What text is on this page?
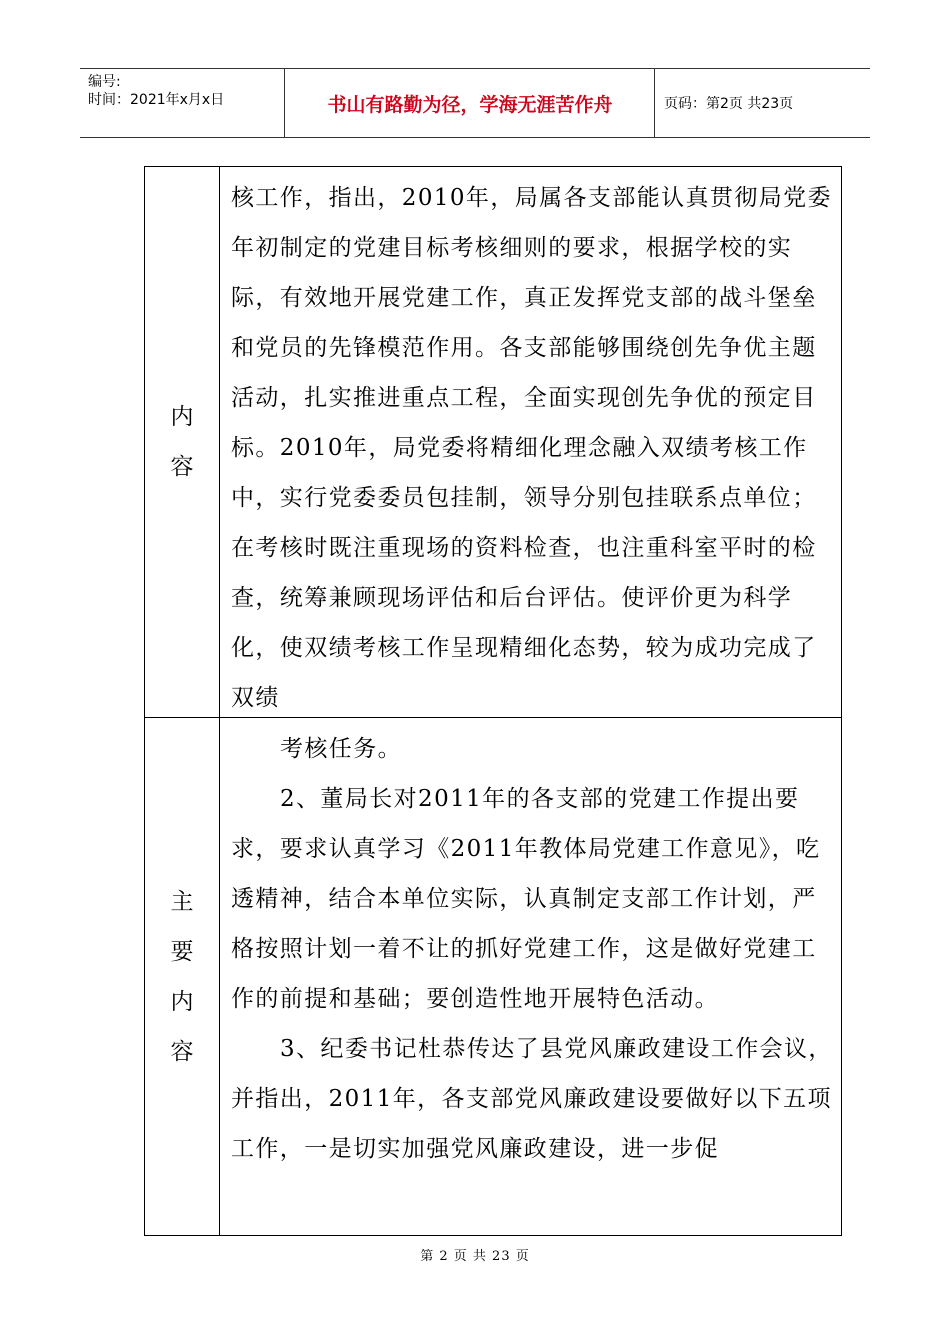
编号:
时间：2021年x月x日	书山有路勤为径，学海无涯苦作舟	页码：第2页 共23页
内
容

核工作，指出，2010年，局属各支部能认真贯彻局党委年初制定的党建目标考核细则的要求，根据学校的实际，有效地开展党建工作，真正发挥党支部的战斗堡垒和党员的先锋模范作用。各支部能够围绕创先争优主题活动，扎实推进重点工程，全面实现创先争优的预定目标。2010年，局党委将精细化理念融入双绩考核工作中，实行党委委员包挂制，领导分别包挂联系点单位；在考核时既注重现场的资料检查，也注重科室平时的检查，统筹兼顾现场评估和后台评估。使评价更为科学化，使双绩考核工作呈现精细化态势，较为成功完成了双绩

主
要
内
容

考核任务。

2、董局长对2011年的各支部的党建工作提出要求，要求认真学习《2011年教体局党建工作意见》，吃透精神，结合本单位实际，认真制定支部工作计划，严格按照计划一着不让的抓好党建工作，这是做好党建工作的前提和基础；要创造性地开展特色活动。

3、纪委书记杜恭传达了县党风廉政建设工作会议，并指出，2011年，各支部党风廉政建设要做好以下五项工作，一是切实加强党风廉政建设，进一步促

第 2 页 共 23 页
